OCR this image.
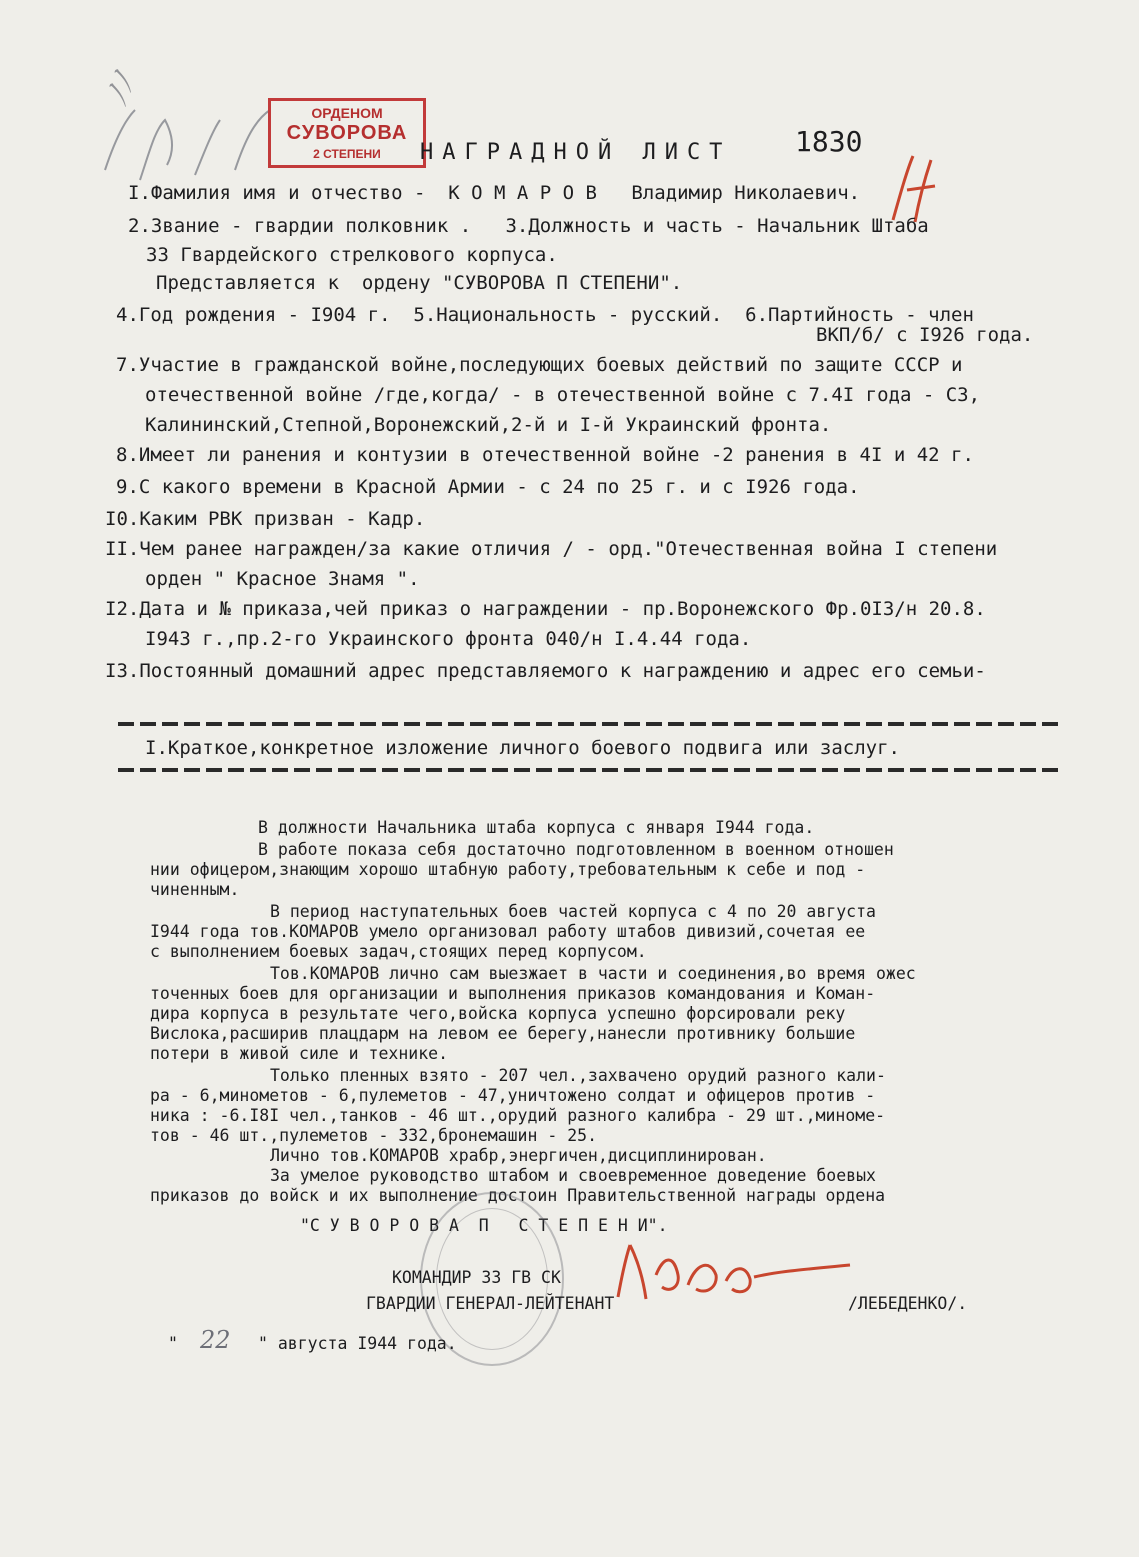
ﾉﾉ
ОРДЕНОМ
СУВОРОВА
2 СТЕПЕНИ	НАГРАДНОЙ ЛИСТ 1830
I.Фамилия имя и отчество -  К О М А Р О В   Владимир Николаевич.
2.Звание - гвардии полковник .   3.Должность и часть - Начальник Штаба
33 Гвардейского стрелкового корпуса.
Представляется к  ордену "СУВОРОВА П СТЕПЕНИ".
4.Год рождения - I904 г.  5.Национальность - русский.  6.Партийность - член
ВКП/б/ с I926 года.
7.Участие в гражданской войне,последующих боевых действий по защите СССР и
отечественной войне /где,когда/ - в отечественной войне с 7.4I года - СЗ,
Калининский,Степной,Воронежский,2-й и I-й Украинский фронта.
8.Имеет ли ранения и контузии в отечественной войне -2 ранения в 4I и 42 г.
9.С какого времени в Красной Армии - с 24 по 25 г. и с I926 года.
I0.Каким РВК призван - Кадр.
II.Чем ранее награжден/за какие отличия / - орд."Отечественная война I степени
орден " Красное Знамя ".
I2.Дата и № приказа,чей приказ о награждении - пр.Воронежского Фр.0I3/н 20.8.
I943 г.,пр.2-го Украинского фронта 040/н I.4.44 года.
I3.Постоянный домашний адрес представляемого к награждению и адрес его семьи-
I.Краткое,конкретное изложение личного боевого подвига или заслуг.
В должности Начальника штаба корпуса с января I944 года.
В работе показа себя достаточно подготовленном в военном отношен
нии офицером,знающим хорошо штабную работу,требовательным к себе и под -
чиненным.
В период наступательных боев частей корпуса с 4 по 20 августа
I944 года тов.КОМАРОВ умело организовал работу штабов дивизий,сочетая ее
с выполнением боевых задач,стоящих перед корпусом.
Тов.КОМАРОВ лично сам выезжает в части и соединения,во время ожес
точенных боев для организации и выполнения приказов командования и Коман-
дира корпуса в результате чего,войска корпуса успешно форсировали реку
Вислока,расширив плацдарм на левом ее берегу,нанесли противнику большие
потери в живой силе и технике.
Только пленных взято - 207 чел.,захвачено орудий разного кали-
ра - 6,минометов - 6,пулеметов - 47,уничтожено солдат и офицеров против -
ника : -6.I8I чел.,танков - 46 шт.,орудий разного калибра - 29 шт.,миноме-
тов - 46 шт.,пулеметов - 332,бронемашин - 25.
Лично тов.КОМАРОВ храбр,энергичен,дисциплинирован.
За умелое руководство штабом и своевременное доведение боевых
приказов до войск и их выполнение достоин Правительственной награды ордена
"С У В О Р О В А  П   С Т Е П Е Н И".
КОМАНДИР 33 ГВ СК
ГВАРДИИ ГЕНЕРАЛ-ЛЕЙТЕНАНТ	/ЛЕБЕДЕНКО/.
" 22 " августа I944 года.
